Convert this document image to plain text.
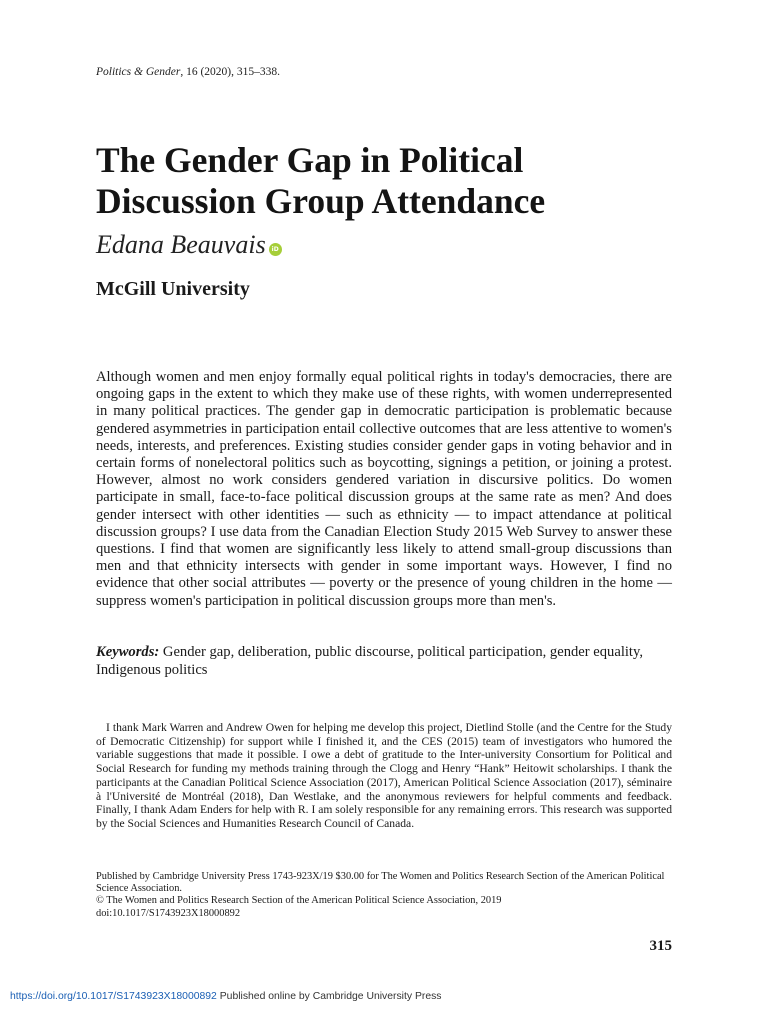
Politics & Gender, 16 (2020), 315–338.
The Gender Gap in Political Discussion Group Attendance
Edana Beauvais iD
McGill University

Although women and men enjoy formally equal political rights in today's democracies, there are ongoing gaps in the extent to which they make use of these rights, with women underrepresented in many political practices. The gender gap in democratic participation is problematic because gendered asymmetries in participation entail collective outcomes that are less attentive to women's needs, interests, and preferences. Existing studies consider gender gaps in voting behavior and in certain forms of nonelectoral politics such as boycotting, signings a petition, or joining a protest. However, almost no work considers gendered variation in discursive politics. Do women participate in small, face-to-face political discussion groups at the same rate as men? And does gender intersect with other identities — such as ethnicity — to impact attendance at political discussion groups? I use data from the Canadian Election Study 2015 Web Survey to answer these questions. I find that women are significantly less likely to attend small-group discussions than men and that ethnicity intersects with gender in some important ways. However, I find no evidence that other social attributes — poverty or the presence of young children in the home — suppress women's participation in political discussion groups more than men's.

Keywords: Gender gap, deliberation, public discourse, political participation, gender equality, Indigenous politics

I thank Mark Warren and Andrew Owen for helping me develop this project, Dietlind Stolle (and the Centre for the Study of Democratic Citizenship) for support while I finished it, and the CES (2015) team of investigators who humored the variable suggestions that made it possible. I owe a debt of gratitude to the Inter-university Consortium for Political and Social Research for funding my methods training through the Clogg and Henry “Hank” Heitowit scholarships. I thank the participants at the Canadian Political Science Association (2017), American Political Science Association (2017), séminaire à l'Université de Montréal (2018), Dan Westlake, and the anonymous reviewers for helpful comments and feedback. Finally, I thank Adam Enders for help with R. I am solely responsible for any remaining errors. This research was supported by the Social Sciences and Humanities Research Council of Canada.

Published by Cambridge University Press 1743-923X/19 $30.00 for The Women and Politics Research Section of the American Political Science Association.
© The Women and Politics Research Section of the American Political Science Association, 2019
doi:10.1017/S1743923X18000892
315
https://doi.org/10.1017/S1743923X18000892 Published online by Cambridge University Press
